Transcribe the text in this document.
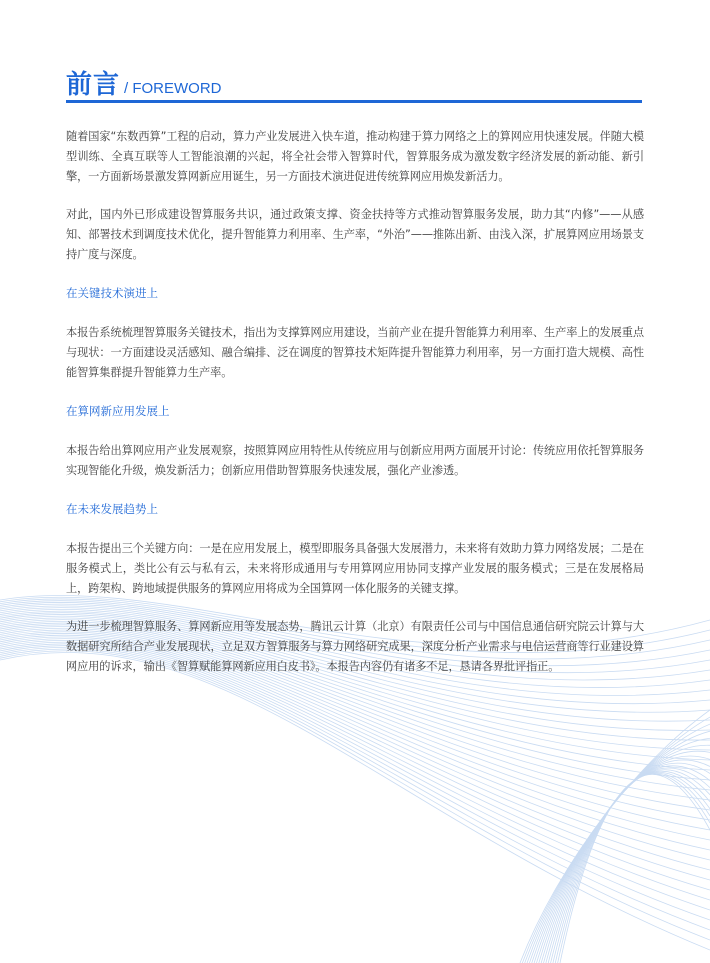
前言 / FOREWORD

随着国家“东数西算”工程的启动，算力产业发展进入快车道，推动构建于算力网络之上的算网应用快速发展。伴随大模型训练、全真互联等人工智能浪潮的兴起，将全社会带入智算时代，智算服务成为激发数字经济发展的新动能、新引擎，一方面新场景激发算网新应用诞生，另一方面技术演进促进传统算网应用焕发新活力。

对此，国内外已形成建设智算服务共识，通过政策支撑、资金扶持等方式推动智算服务发展，助力其“内修”——从感知、部署技术到调度技术优化，提升智能算力利用率、生产率，“外治”——推陈出新、由浅入深，扩展算网应用场景支持广度与深度。

在关键技术演进上

本报告系统梳理智算服务关键技术，指出为支撑算网应用建设，当前产业在提升智能算力利用率、生产率上的发展重点与现状：一方面建设灵活感知、融合编排、泛在调度的智算技术矩阵提升智能算力利用率，另一方面打造大规模、高性能智算集群提升智能算力生产率。

在算网新应用发展上

本报告给出算网应用产业发展观察，按照算网应用特性从传统应用与创新应用两方面展开讨论：传统应用依托智算服务实现智能化升级，焕发新活力；创新应用借助智算服务快速发展，强化产业渗透。

在未来发展趋势上

本报告提出三个关键方向：一是在应用发展上，模型即服务具备强大发展潜力，未来将有效助力算力网络发展；二是在服务模式上，类比公有云与私有云，未来将形成通用与专用算网应用协同支撑产业发展的服务模式；三是在发展格局上，跨架构、跨地域提供服务的算网应用将成为全国算网一体化服务的关键支撑。

为进一步梳理智算服务、算网新应用等发展态势，腾讯云计算（北京）有限责任公司与中国信息通信研究院云计算与大数据研究所结合产业发展现状，立足双方智算服务与算力网络研究成果，深度分析产业需求与电信运营商等行业建设算网应用的诉求，输出《智算赋能算网新应用白皮书》。本报告内容仍有诸多不足，恳请各界批评指正。
